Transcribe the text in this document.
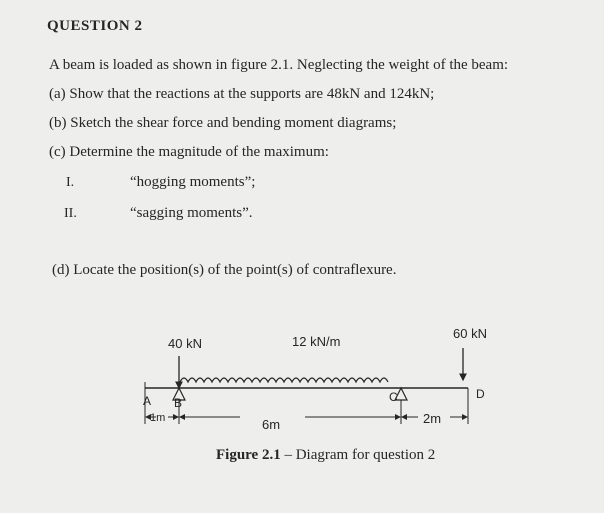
QUESTION 2
A beam is loaded as shown in figure 2.1. Neglecting the weight of the beam:
(a) Show that the reactions at the supports are 48kN and 124kN;
(b) Sketch the shear force and bending moment diagrams;
(c) Determine the magnitude of the maximum:
I.	“hogging moments”;
II.	“sagging moments”.
(d) Locate the position(s) of the point(s) of contraflexure.
40 kN	12 kN/m
60 kN
A B	C	D
1m	6m	2m
Figure 2.1 – Diagram for question 2
